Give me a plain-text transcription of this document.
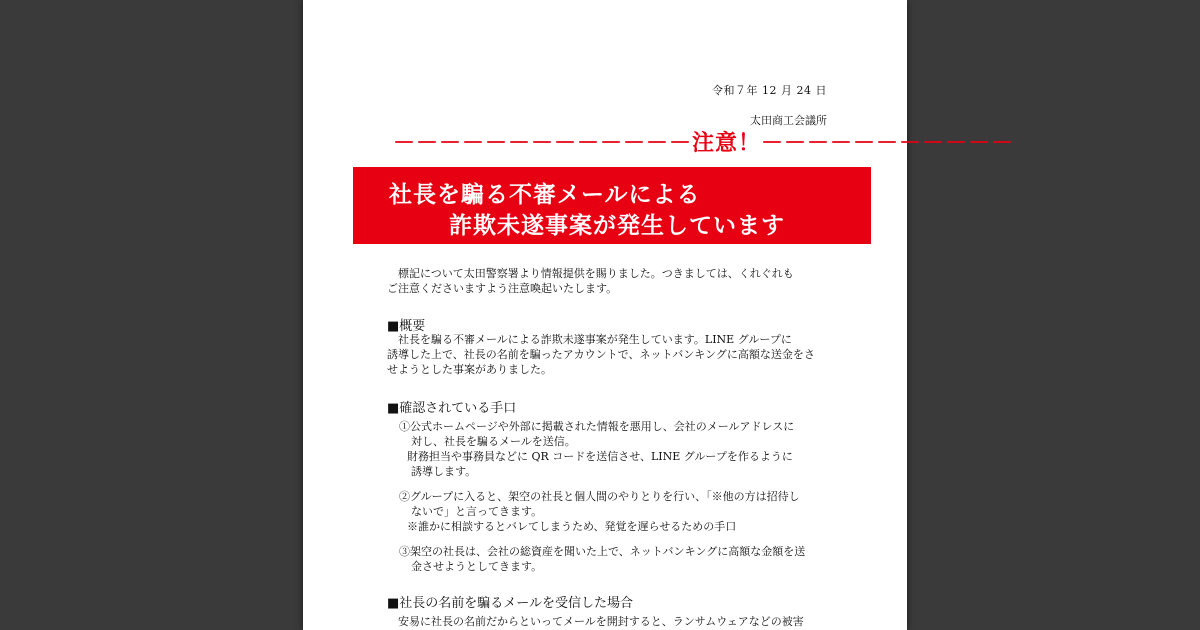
令和７年 12 月 24 日
太田商工会議所
－－－－－－－－－－－－－注意！－－－－－－－－－－－
社長を騙る不審メールによる
詐欺未遂事案が発生しています
　標記について太田警察署より情報提供を賜りました。つきましては、くれぐれも
ご注意くださいますよう注意喚起いたします。
■概要
　社長を騙る不審メールによる詐欺未遂事案が発生しています。LINE グループに
誘導した上で、社長の名前を騙ったアカウントで、ネットバンキングに高額な送金をさ
せようとした事案がありました。
■確認されている手口
①公式ホームページや外部に掲載された情報を悪用し、会社のメールアドレスに
対し、社長を騙るメールを送信。
財務担当や事務員などに QR コードを送信させ、LINE グループを作るように
誘導します。
②グループに入ると、架空の社長と個人間のやりとりを行い、「※他の方は招待し
ないで」と言ってきます。
※誰かに相談するとバレてしまうため、発覚を遅らせるための手口
③架空の社長は、会社の総資産を聞いた上で、ネットバンキングに高額な金額を送
金させようとしてきます。
■社長の名前を騙るメールを受信した場合
　安易に社長の名前だからといってメールを開封すると、ランサムウェアなどの被害
